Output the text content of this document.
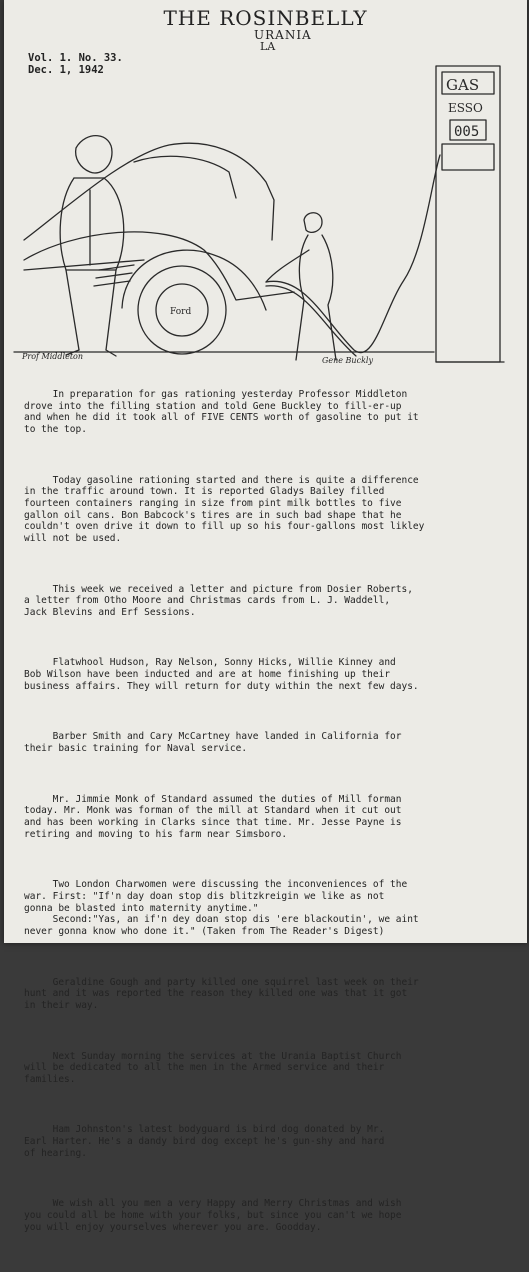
THE ROSINBELLY
URANIA
LA
Vol. 1. No. 33.
Dec. 1, 1942
Ford
GAS
ESSO
005
Prof Middleton	Gene Buckly

In preparation for gas rationing yesterday Professor Middleton
drove into the filling station and told Gene Buckley to fill-er-up
and when he did it took all of FIVE CENTS worth of gasoline to put it
to the top.

Today gasoline rationing started and there is quite a difference
in the traffic around town. It is reported Gladys Bailey filled
fourteen containers ranging in size from pint milk bottles to five
gallon oil cans. Bon Babcock's tires are in such bad shape that he
couldn't oven drive it down to fill up so his four-gallons most likley
will not be used.

This week we received a letter and picture from Dosier Roberts,
a letter from Otho Moore and Christmas cards from L. J. Waddell,
Jack Blevins and Erf Sessions.

Flatwhool Hudson, Ray Nelson, Sonny Hicks, Willie Kinney and
Bob Wilson have been inducted and are at home finishing up their
business affairs. They will return for duty within the next few days.

Barber Smith and Cary McCartney have landed in California for
their basic training for Naval service.

Mr. Jimmie Monk of Standard assumed the duties of Mill forman
today. Mr. Monk was forman of the mill at Standard when it cut out
and has been working in Clarks since that time. Mr. Jesse Payne is
retiring and moving to his farm near Simsboro.

Two London Charwomen were discussing the inconveniences of the
war. First: "If'n day doan stop dis blitzkreigin we like as not
gonna be blasted into maternity anytime."
Second:"Yas, an if'n dey doan stop dis 'ere blackoutin', we aint
never gonna know who done it." (Taken from The Reader's Digest)

Geraldine Gough and party killed one squirrel last week on their
hunt and it was reported the reason they killed one was that it got
in their way.

Next Sunday morning the services at the Urania Baptist Church
will be dedicated to all the men in the Armed service and their
families.

Ham Johnston's latest bodyguard is bird dog donated by Mr.
Earl Harter. He's a dandy bird dog except he's gun-shy and hard
of hearing.

We wish all you men a very Happy and Merry Christmas and wish
you could all be home with your folks, but since you can't we hope
you will enjoy yourselves wherever you are. Goodday.
